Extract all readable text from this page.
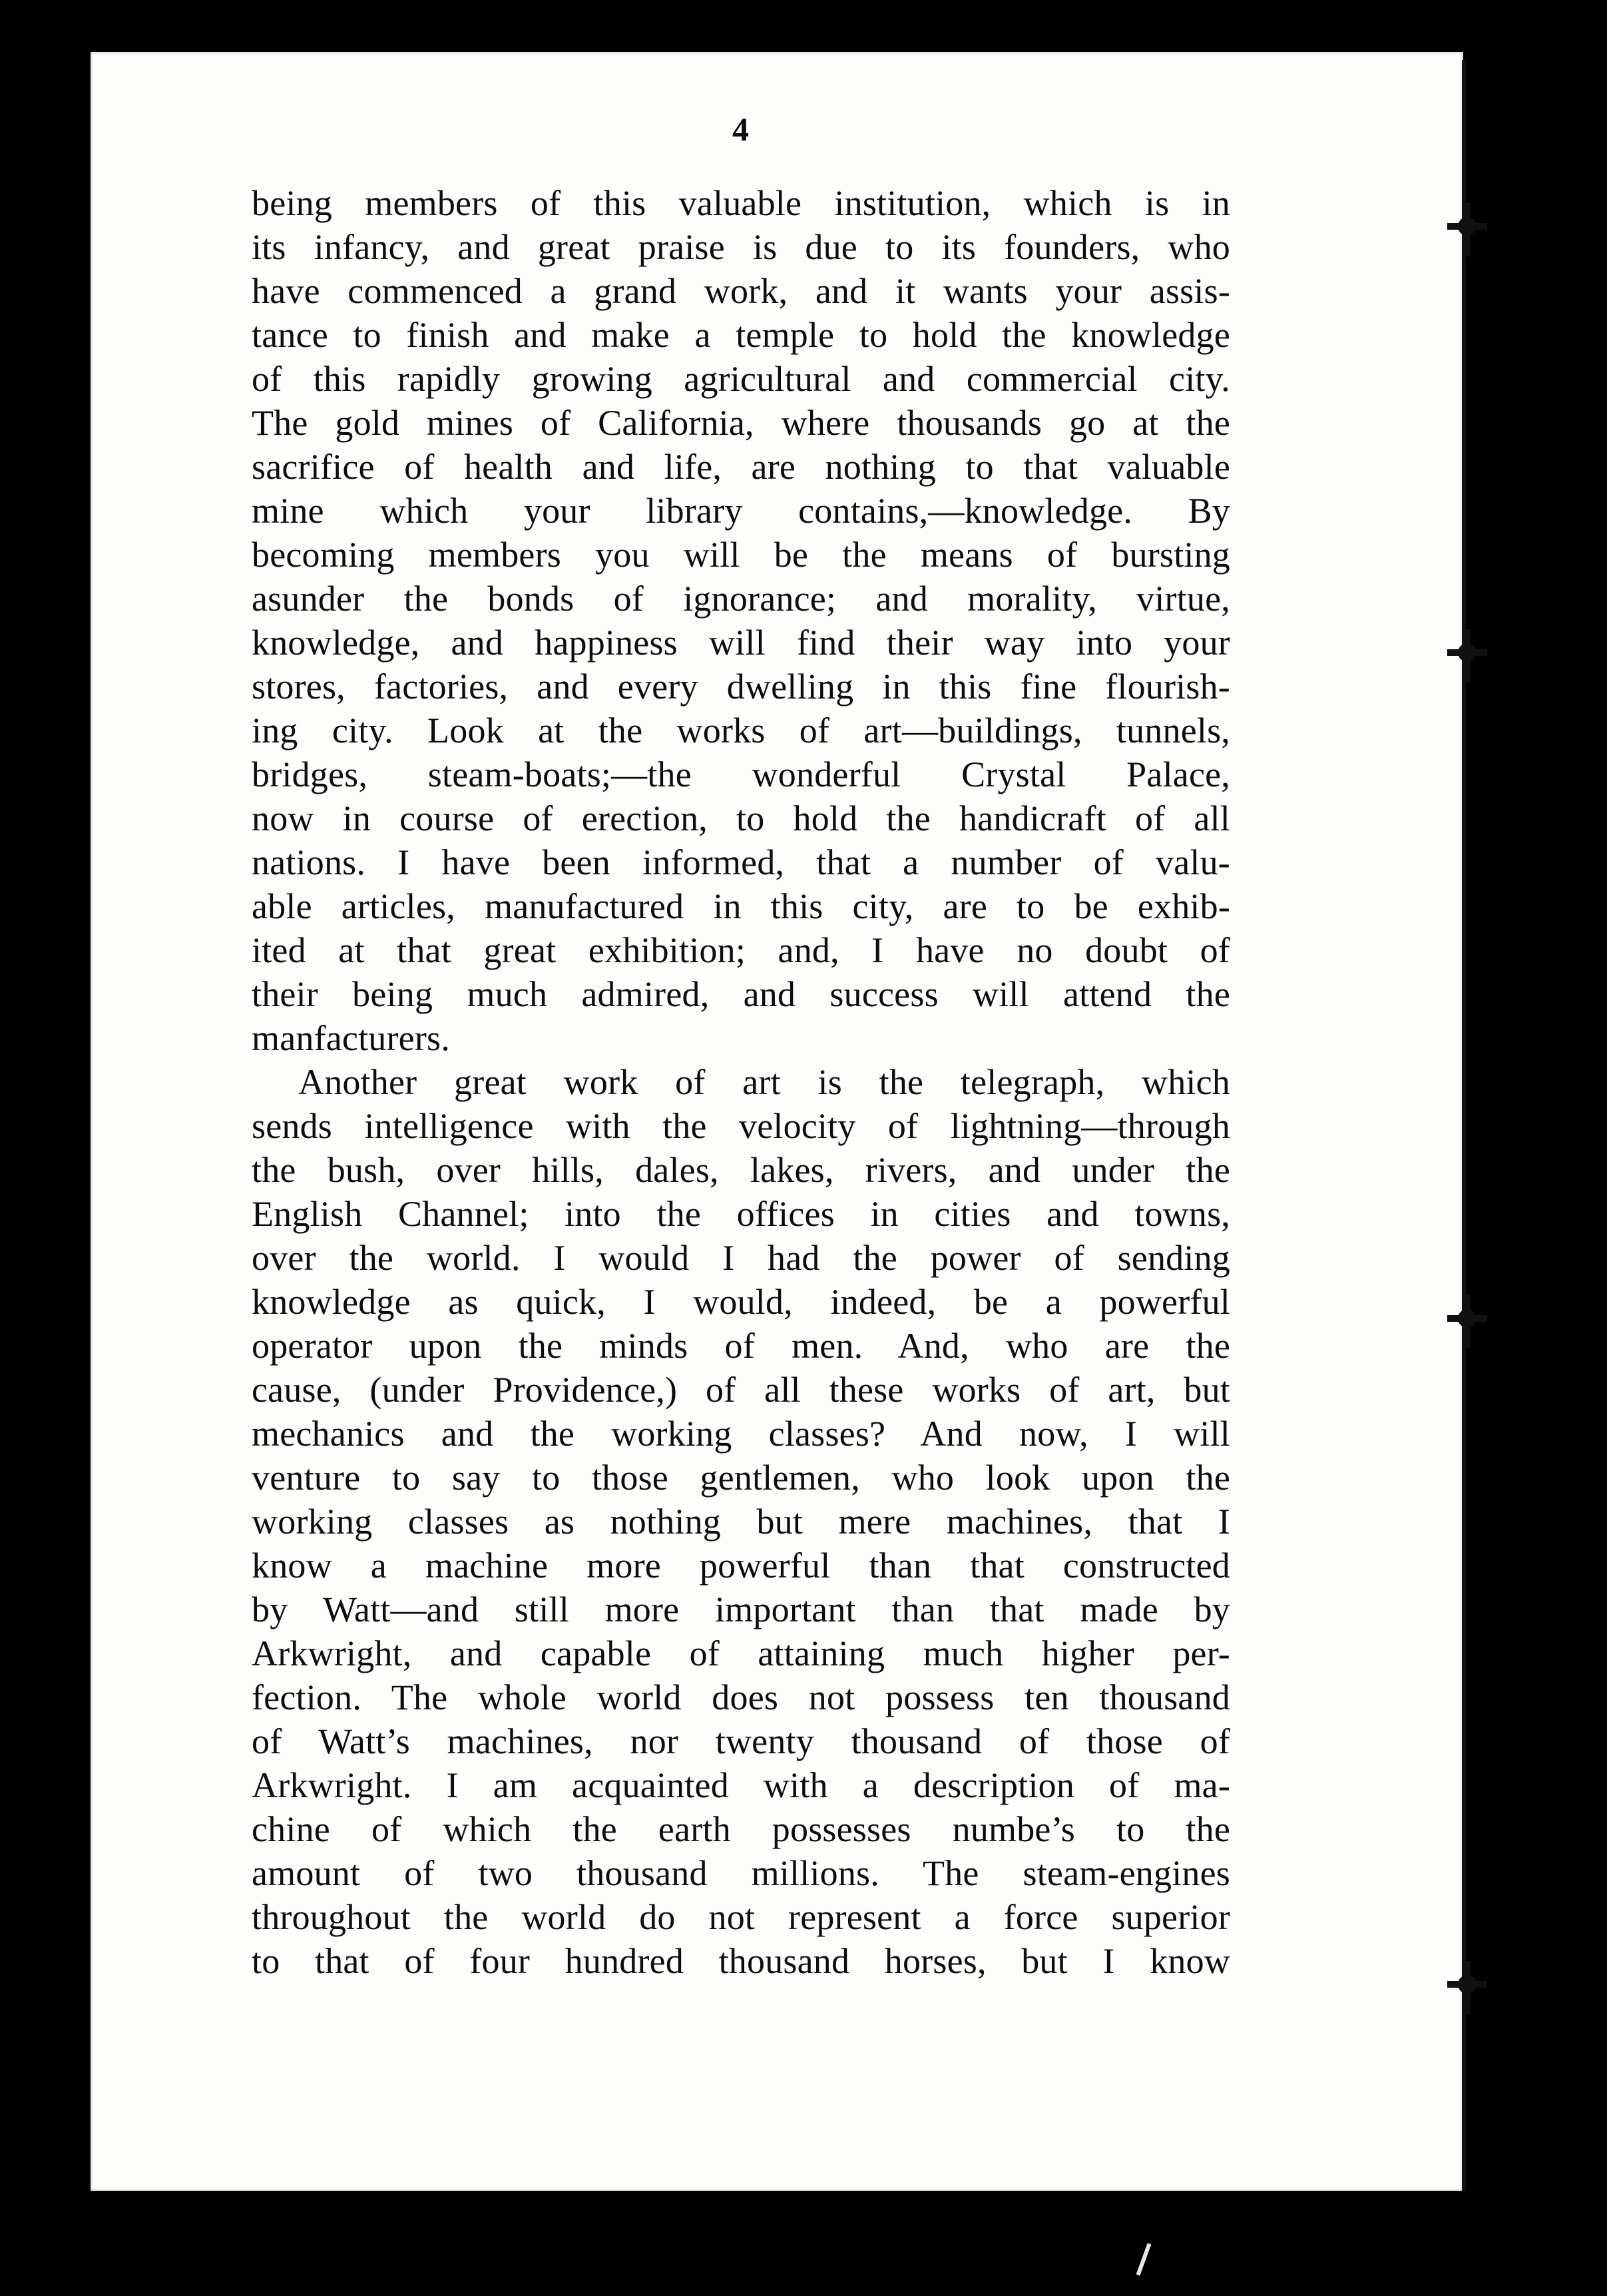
4
being members of this valuable institution, which is in
its infancy, and great praise is due to its founders, who
have commenced a grand work, and it wants your assis-
tance to finish and make a temple to hold the knowledge
of this rapidly growing agricultural and commercial city.
The gold mines of California, where thousands go at the
sacrifice of health and life, are nothing to that valuable
mine which your library contains,—knowledge. By
becoming members you will be the means of bursting
asunder the bonds of ignorance; and morality, virtue,
knowledge, and happiness will find their way into your
stores, factories, and every dwelling in this fine flourish-
ing city. Look at the works of art—buildings, tunnels,
bridges, steam-boats;—the wonderful Crystal Palace,
now in course of erection, to hold the handicraft of all
nations. I have been informed, that a number of valu-
able articles, manufactured in this city, are to be exhib-
ited at that great exhibition; and, I have no doubt of
their being much admired, and success will attend the
manfacturers.
Another great work of art is the telegraph, which
sends intelligence with the velocity of lightning—through
the bush, over hills, dales, lakes, rivers, and under the
English Channel; into the offices in cities and towns,
over the world. I would I had the power of sending
knowledge as quick, I would, indeed, be a powerful
operator upon the minds of men. And, who are the
cause, (under Providence,) of all these works of art, but
mechanics and the working classes? And now, I will
venture to say to those gentlemen, who look upon the
working classes as nothing but mere machines, that I
know a machine more powerful than that constructed
by Watt—and still more important than that made by
Arkwright, and capable of attaining much higher per-
fection. The whole world does not possess ten thousand
of Watt’s machines, nor twenty thousand of those of
Arkwright. I am acquainted with a description of ma-
chine of which the earth possesses numbe’s to the
amount of two thousand millions. The steam-engines
throughout the world do not represent a force superior
to that of four hundred thousand horses, but I know
